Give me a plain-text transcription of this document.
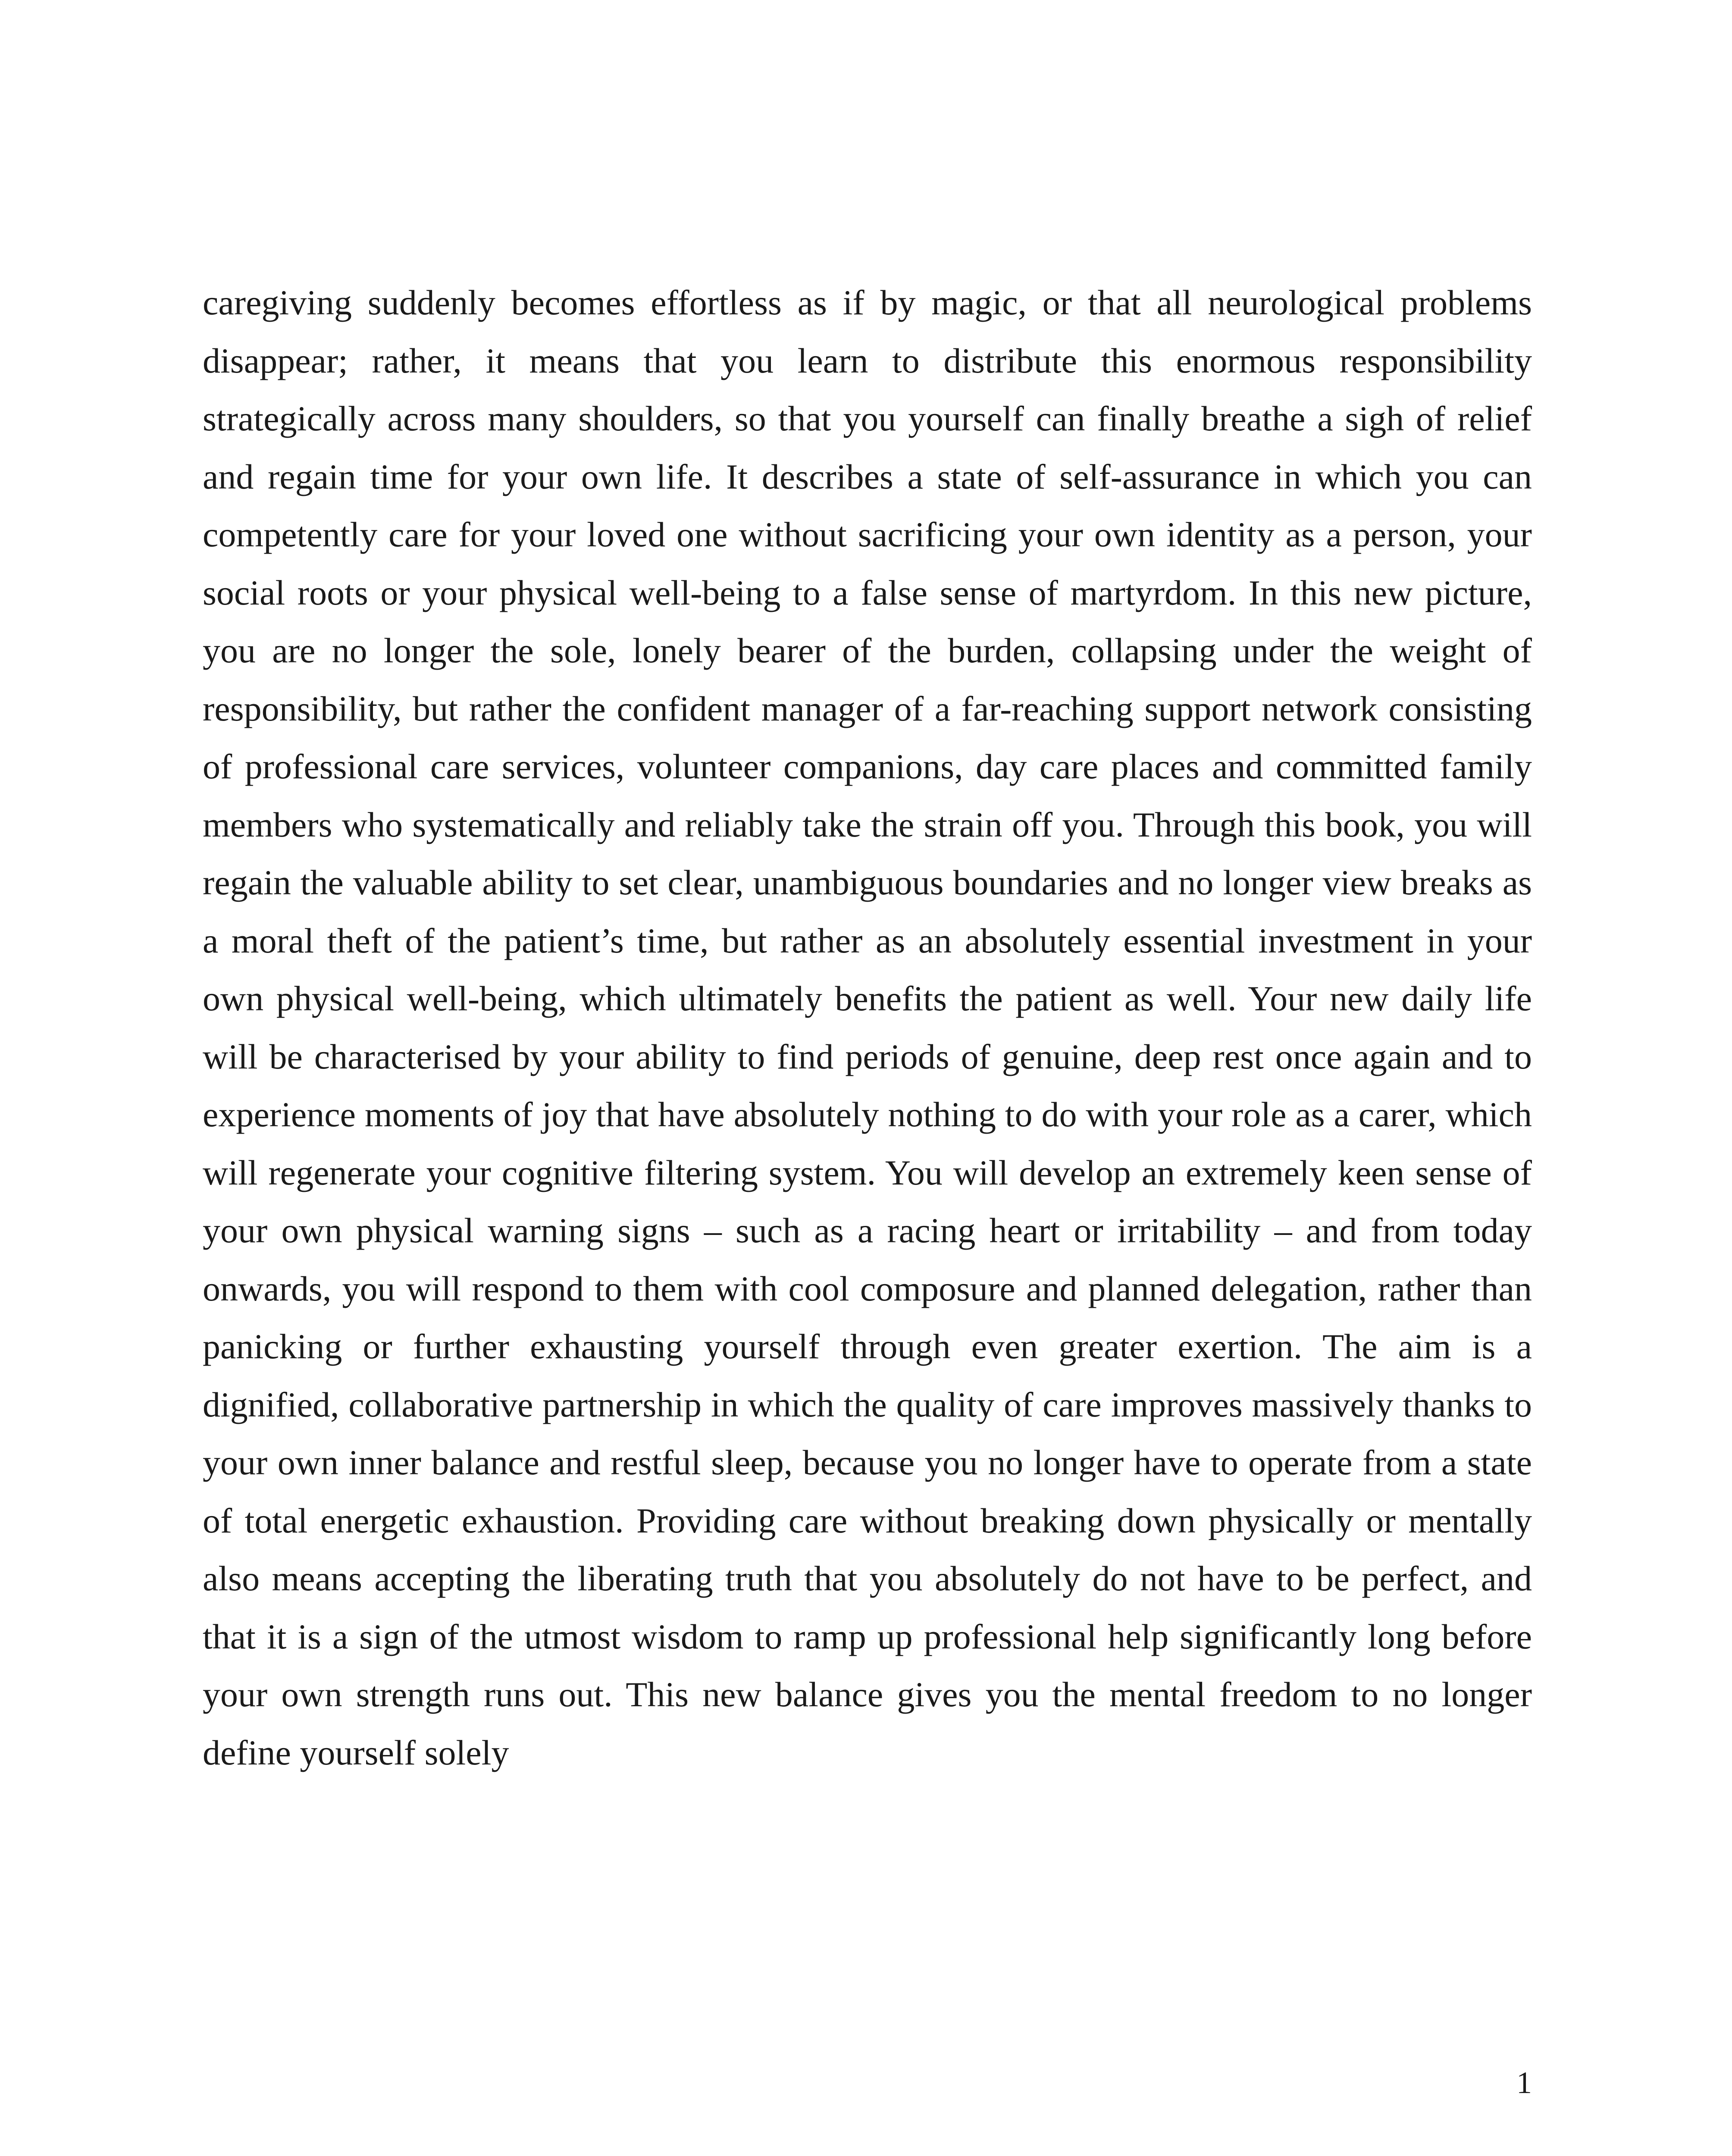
caregiving suddenly becomes effortless as if by magic, or that all neurological problems disappear; rather, it means that you learn to distribute this enormous responsibility strategically across many shoulders, so that you yourself can finally breathe a sigh of relief and regain time for your own life. It describes a state of self-assurance in which you can competently care for your loved one without sacrificing your own identity as a person, your social roots or your physical well-being to a false sense of martyrdom. In this new picture, you are no longer the sole, lonely bearer of the burden, collapsing under the weight of responsibility, but rather the confident manager of a far-reaching support network consisting of professional care services, volunteer companions, day care places and committed family members who systematically and reliably take the strain off you. Through this book, you will regain the valuable ability to set clear, unambiguous boundaries and no longer view breaks as a moral theft of the patient’s time, but rather as an absolutely essential investment in your own physical well-being, which ultimately benefits the patient as well. Your new daily life will be characterised by your ability to find periods of genuine, deep rest once again and to experience moments of joy that have absolutely nothing to do with your role as a carer, which will regenerate your cognitive filtering system. You will develop an extremely keen sense of your own physical warning signs – such as a racing heart or irritability – and from today onwards, you will respond to them with cool composure and planned delegation, rather than panicking or further exhausting yourself through even greater exertion. The aim is a dignified, collaborative partnership in which the quality of care improves massively thanks to your own inner balance and restful sleep, because you no longer have to operate from a state of total energetic exhaustion. Providing care without breaking down physically or mentally also means accepting the liberating truth that you absolutely do not have to be perfect, and that it is a sign of the utmost wisdom to ramp up professional help significantly long before your own strength runs out. This new balance gives you the mental freedom to no longer define yourself solely

1
